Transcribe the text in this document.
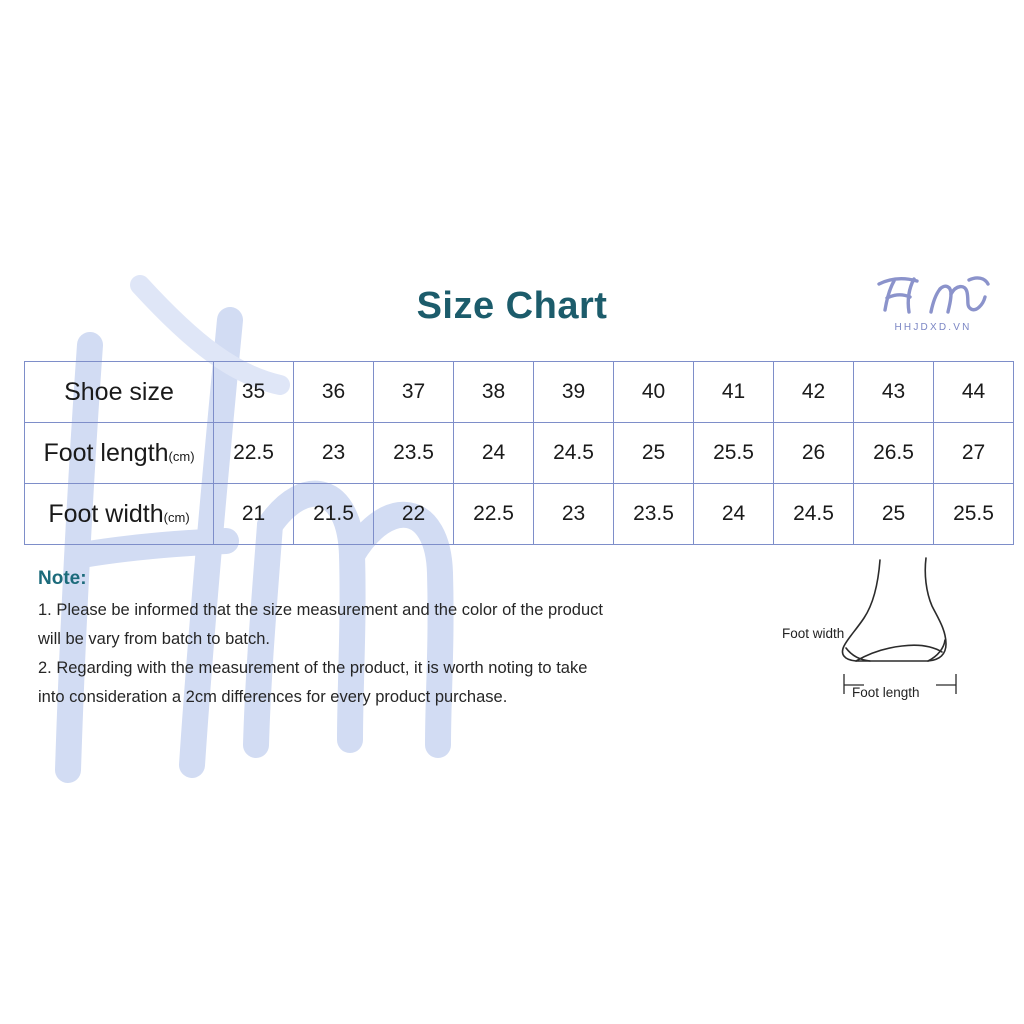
Size Chart
HHJDXD.VN
Shoe size	35	36	37	38	39	40	41	42	43	44
Foot length(cm)	22.5	23	23.5	24	24.5	25	25.5	26	26.5	27
Foot width(cm)	21	21.5	22	22.5	23	23.5	24	24.5	25	25.5
Note:
1. Please be informed that the size measurement and the color of the product
will be vary from batch to batch.
2. Regarding with the measurement of the product, it is worth noting to take
into consideration a 2cm differences for every product purchase.
Foot width
Foot length
